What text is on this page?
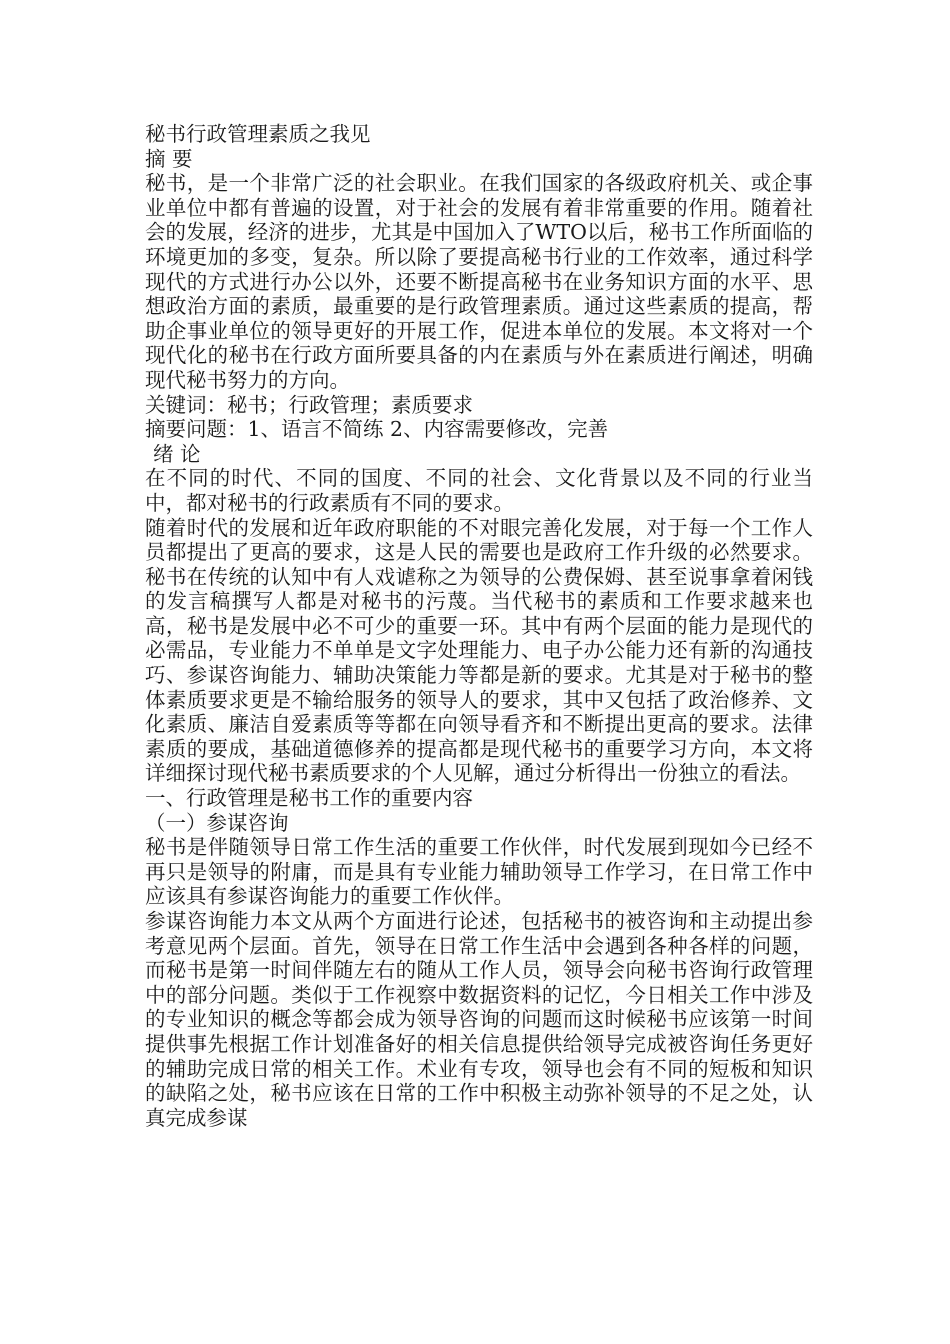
秘书行政管理素质之我见

摘 要

秘书，是一个非常广泛的社会职业。在我们国家的各级政府机关、或企事业单位中都有普遍的设置，对于社会的发展有着非常重要的作用。随着社会的发展，经济的进步，尤其是中国加入了WTO以后，秘书工作所面临的环境更加的多变，复杂。所以除了要提高秘书行业的工作效率，通过科学现代的方式进行办公以外，还要不断提高秘书在业务知识方面的水平、思想政治方面的素质，最重要的是行政管理素质。通过这些素质的提高，帮助企事业单位的领导更好的开展工作，促进本单位的发展。本文将对一个现代化的秘书在行政方面所要具备的内在素质与外在素质进行阐述，明确现代秘书努力的方向。

关键词：秘书；行政管理；素质要求

摘要问题：1、语言不简练 2、内容需要修改，完善

绪 论

在不同的时代、不同的国度、不同的社会、文化背景以及不同的行业当中，都对秘书的行政素质有不同的要求。

随着时代的发展和近年政府职能的不对眼完善化发展，对于每一个工作人员都提出了更高的要求，这是人民的需要也是政府工作升级的必然要求。秘书在传统的认知中有人戏谑称之为领导的公费保姆、甚至说事拿着闲钱的发言稿撰写人都是对秘书的污蔑。当代秘书的素质和工作要求越来也高，秘书是发展中必不可少的重要一环。其中有两个层面的能力是现代的必需品，专业能力不单单是文字处理能力、电子办公能力还有新的沟通技巧、参谋咨询能力、辅助决策能力等都是新的要求。尤其是对于秘书的整体素质要求更是不输给服务的领导人的要求，其中又包括了政治修养、文化素质、廉洁自爱素质等等都在向领导看齐和不断提出更高的要求。法律素质的要成，基础道德修养的提高都是现代秘书的重要学习方向，本文将详细探讨现代秘书素质要求的个人见解，通过分析得出一份独立的看法。

一、行政管理是秘书工作的重要内容

（一）参谋咨询

秘书是伴随领导日常工作生活的重要工作伙伴，时代发展到现如今已经不再只是领导的附庸，而是具有专业能力辅助领导工作学习，在日常工作中应该具有参谋咨询能力的重要工作伙伴。

参谋咨询能力本文从两个方面进行论述，包括秘书的被咨询和主动提出参考意见两个层面。首先，领导在日常工作生活中会遇到各种各样的问题，而秘书是第一时间伴随左右的随从工作人员，领导会向秘书咨询行政管理中的部分问题。类似于工作视察中数据资料的记忆，今日相关工作中涉及的专业知识的概念等都会成为领导咨询的问题而这时候秘书应该第一时间提供事先根据工作计划准备好的相关信息提供给领导完成被咨询任务更好的辅助完成日常的相关工作。术业有专攻，领导也会有不同的短板和知识的缺陷之处，秘书应该在日常的工作中积极主动弥补领导的不足之处，认真完成参谋
